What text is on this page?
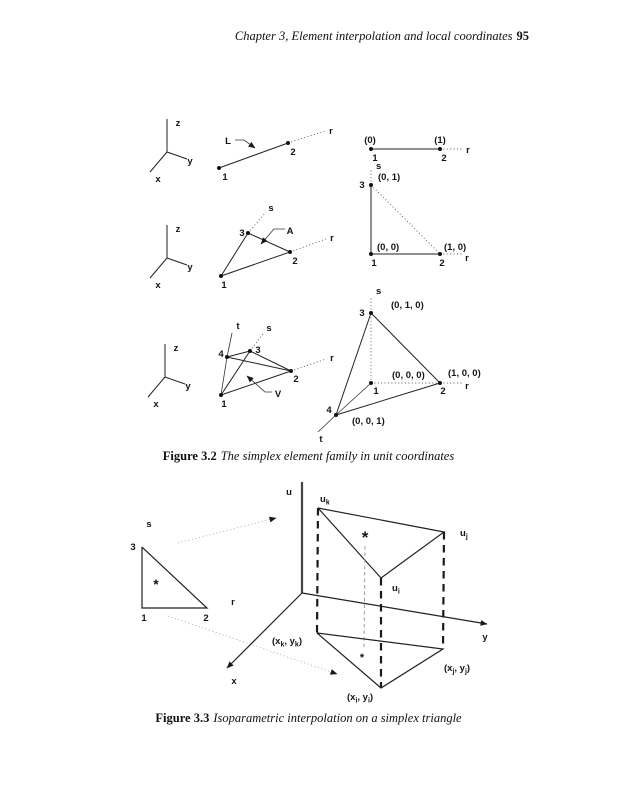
Chapter 3, Element interpolation and local coordinates 95
z
y
x
L
1
2
r
(0)	(1)
1	2
r
z
y
x
A
1
2
3	r
s
s
3
(0, 1)
(0, 0)	(1, 0)
1	2 r
z
y
x
V
1
2
3
4	r
s
t
s
3
(0, 1, 0)
(0, 0, 0) (1, 0, 0)
1	2 r
4
(0, 0, 1)
t
s
3
1	2
r
*
u
y
x
*
*
$u_k$
$u_j$
$u_i$
($x_k$, $y_k$)
($x_j$, $y_j$)
($x_i$, $y_i$)
Figure 3.2 The simplex element family in unit coordinates
Figure 3.3 Isoparametric interpolation on a simplex triangle
